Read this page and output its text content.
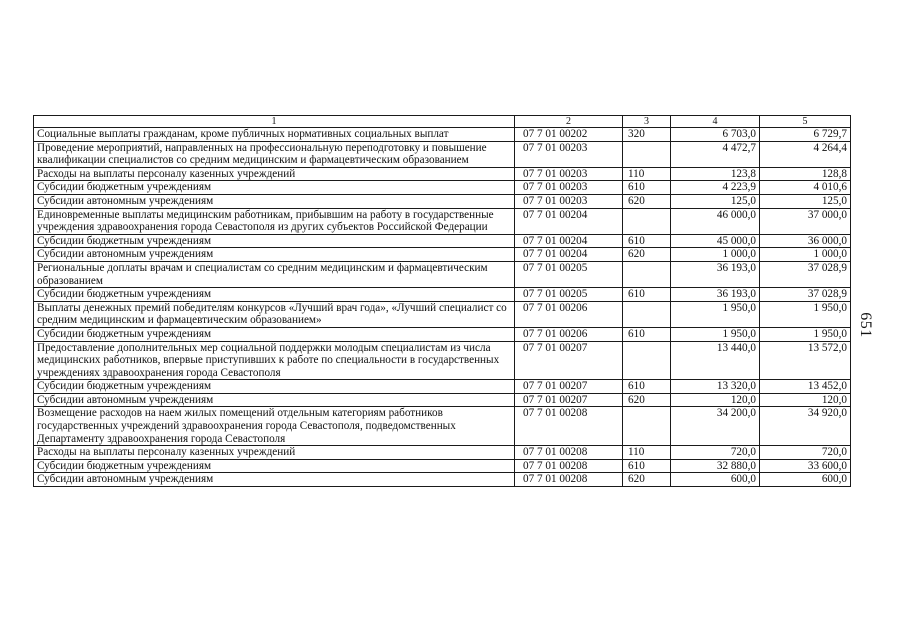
1	2	3	4	5
Социальные выплаты гражданам, кроме публичных нормативных социальных выплат	07 7 01 00202	320	6 703,0	6 729,7
Проведение мероприятий, направленных на профессиональную переподготовку и повышение квалификации специалистов со средним медицинским и фармацевтическим образованием	07 7 01 00203		4 472,7	4 264,4
Расходы на выплаты персоналу казенных учреждений	07 7 01 00203	110	123,8	128,8
Субсидии бюджетным учреждениям	07 7 01 00203	610	4 223,9	4 010,6
Субсидии автономным учреждениям	07 7 01 00203	620	125,0	125,0
Единовременные выплаты медицинским работникам, прибывшим на работу в государственные учреждения здравоохранения города Севастополя из других субъектов Российской Федерации	07 7 01 00204		46 000,0	37 000,0
Субсидии бюджетным учреждениям	07 7 01 00204	610	45 000,0	36 000,0
Субсидии автономным учреждениям	07 7 01 00204	620	1 000,0	1 000,0
Региональные доплаты врачам и специалистам со средним медицинским и фармацевтическим образованием	07 7 01 00205		36 193,0	37 028,9
Субсидии бюджетным учреждениям	07 7 01 00205	610	36 193,0	37 028,9
Выплаты денежных премий победителям конкурсов «Лучший врач года», «Лучший специалист со средним медицинским и фармацевтическим образованием»	07 7 01 00206		1 950,0	1 950,0
Субсидии бюджетным учреждениям	07 7 01 00206	610	1 950,0	1 950,0
Предоставление дополнительных мер социальной поддержки молодым специалистам из числа медицинских работников, впервые приступивших к работе по специальности в государственных учреждениях здравоохранения города Севастополя	07 7 01 00207		13 440,0	13 572,0
Субсидии бюджетным учреждениям	07 7 01 00207	610	13 320,0	13 452,0
Субсидии автономным учреждениям	07 7 01 00207	620	120,0	120,0
Возмещение расходов на наем жилых помещений отдельным категориям работников государственных учреждений здравоохранения города Севастополя, подведомственных Департаменту здравоохранения города Севастополя	07 7 01 00208		34 200,0	34 920,0
Расходы на выплаты персоналу казенных учреждений	07 7 01 00208	110	720,0	720,0
Субсидии бюджетным учреждениям	07 7 01 00208	610	32 880,0	33 600,0
Субсидии автономным учреждениям	07 7 01 00208	620	600,0	600,0
651
